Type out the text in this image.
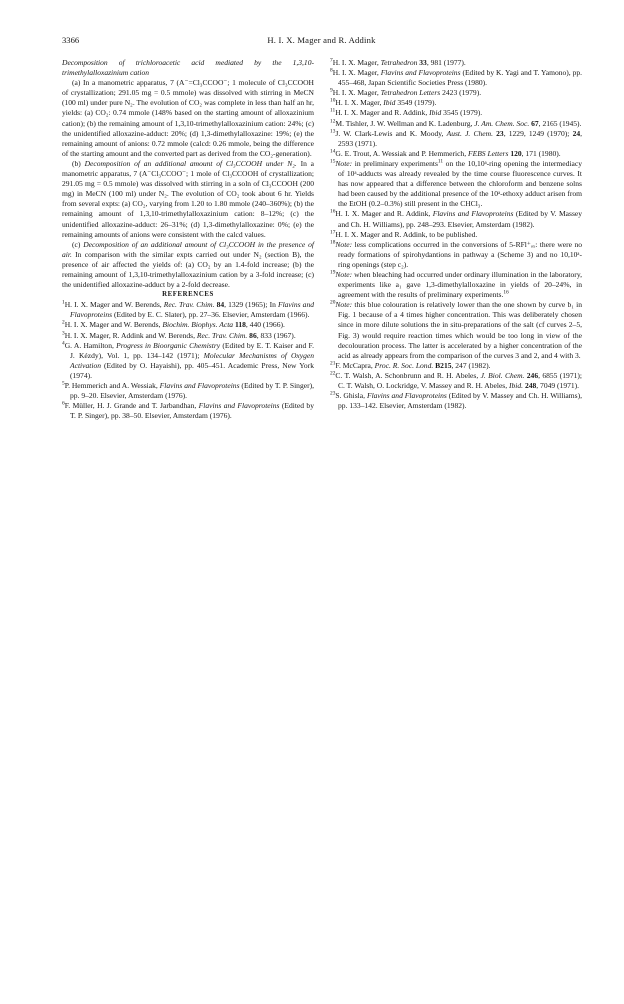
3366	H. I. X. Mager and R. Addink

Decomposition of trichloroacetic acid mediated by the 1,3,10-trimethylalloxazinium cation

(a) In a manometric apparatus, 7 (A⁻=Cl₃CCOO⁻; 1 molecule of Cl₃CCOOH of crystallization; 291.05 mg = 0.5 mmole) was dissolved with stirring in MeCN (100 ml) under pure N₂. The evolution of CO₂ was complete in less than half an hr, yields: (a) CO₂: 0.74 mmole (148% based on the starting amount of alloxazinium cation); (b) the remaining amount of 1,3,10-trimethylalloxazinium cation: 24%; (c) the unidentified alloxazine-adduct: 20%; (d) 1,3-dimethylalloxazine: 19%; (e) the remaining amount of anions: 0.72 mmole (calcd: 0.26 mmole, being the difference of the starting amount and the converted part as derived from the CO₂-generation).

(b) Decomposition of an additional amount of Cl₃CCOOH under N₂. In a manometric apparatus, 7 (A⁻Cl₃CCOO⁻; 1 mole of Cl₃CCOOH of crystallization; 291.05 mg = 0.5 mmole) was dissolved with stirring in a soln of Cl₃CCOOH (200 mg) in MeCN (100 ml) under N₂. The evolution of CO₂ took about 6 hr. Yields from several expts: (a) CO₂, varying from 1.20 to 1.80 mmole (240–360%); (b) the remaining amount of 1,3,10-trimethylalloxazinium cation: 8–12%; (c) the unidentified alloxazine-adduct: 26–31%; (d) 1,3-dimethylalloxazine: 0%; (e) the remaining amounts of anions were consistent with the calcd values.

(c) Decomposition of an additional amount of Cl₃CCOOH in the presence of air. In comparison with the similar expts carried out under N₂ (section B), the presence of air affected the yields of: (a) CO₂ by an 1.4-fold increase; (b) the remaining amount of 1,3,10-trimethylalloxazinium cation by a 3-fold increase; (c) the unidentified alloxazine-adduct by a 2-fold decrease.

REFERENCES

$^1$H. I. X. Mager and W. Berends, Rec. Trav. Chim. 84, 1329 (1965); In Flavins and Flavoproteins (Edited by E. C. Slater), pp. 27–36. Elsevier, Amsterdam (1966).

$^2$H. I. X. Mager and W. Berends, Biochim. Biophys. Acta 118, 440 (1966).

$^3$H. I. X. Mager, R. Addink and W. Berends, Rec. Trav. Chim. 86, 833 (1967).

$^4$G. A. Hamilton, Progress in Bioorganic Chemistry (Edited by E. T. Kaiser and F. J. Kézdy), Vol. 1, pp. 134–142 (1971); Molecular Mechanisms of Oxygen Activation (Edited by O. Hayaishi), pp. 405–451. Academic Press, New York (1974).

$^5$P. Hemmerich and A. Wessiak, Flavins and Flavoproteins (Edited by T. P. Singer), pp. 9–20. Elsevier, Amsterdam (1976).

$^6$F. Müller, H. J. Grande and T. Jarbandhan, Flavins and Flavoproteins (Edited by T. P. Singer), pp. 38–50. Elsevier, Amsterdam (1976).

$^7$H. I. X. Mager, Tetrahedron 33, 981 (1977).

$^8$H. I. X. Mager, Flavins and Flavoproteins (Edited by K. Yagi and T. Yamono), pp. 455–468, Japan Scientific Societies Press (1980).

$^9$H. I. X. Mager, Tetrahedron Letters 2423 (1979).

$^{10}$H. I. X. Mager, Ibid 3549 (1979).

$^{11}$H. I. X. Mager and R. Addink, Ibid 3545 (1979).

$^{12}$M. Tishler, J. W. Wellman and K. Ladenburg, J. Am. Chem. Soc. 67, 2165 (1945).

$^{13}$J. W. Clark-Lewis and K. Moody, Aust. J. Chem. 23, 1229, 1249 (1970); 24, 2593 (1971).

$^{14}$G. E. Trout, A. Wessiak and P. Hemmerich, FEBS Letters 120, 171 (1980).

$^{15}$Note: in preliminary experiments$^{11}$ on the 10,10ᵃ-ring opening the intermediacy of 10ᵃ-adducts was already revealed by the time course fluorescence curves. It has now appeared that a difference between the chloroform and benzene solns had been caused by the additional presence of the 10ᵃ-ethoxy adduct arisen from the EtOH (0.2–0.3%) still present in the CHCl₃.

$^{16}$H. I. X. Mager and R. Addink, Flavins and Flavoproteins (Edited by V. Massey and Ch. H. Williams), pp. 248–293. Elsevier, Amsterdam (1982).

$^{17}$H. I. X. Mager and R. Addink, to be published.

$^{18}$Note: less complications occurred in the conversions of 5-RFl⁺ₒₓ: there were no ready formations of spirohydantions in pathway a (Scheme 3) and no 10,10ᵃ-ring openings (step c₂).

$^{19}$Note: when bleaching had occurred under ordinary illumination in the laboratory, experiments like a₁ gave 1,3-dimethylalloxazine in yields of 20–24%, in agreement with the results of preliminary experiments.$^{16}$

$^{20}$Note: this blue colouration is relatively lower than the one shown by curve b₁ in Fig. 1 because of a 4 times higher concentration. This was deliberately chosen since in more dilute solutions the in situ-preparations of the salt (cf curves 2–5, Fig. 3) would require reaction times which would be too long in view of the decolouration process. The latter is accelerated by a higher concentration of the acid as already appears from the comparison of the curves 3 and 2, and 4 with 3.

$^{21}$F. McCapra, Proc. R. Soc. Lond. B215, 247 (1982).

$^{22}$C. T. Walsh, A. Schonbrunn and R. H. Abeles, J. Biol. Chem. 246, 6855 (1971); C. T. Walsh, O. Lockridge, V. Massey and R. H. Abeles, Ibid. 248, 7049 (1971).

$^{23}$S. Ghisla, Flavins and Flavoproteins (Edited by V. Massey and Ch. H. Williams), pp. 133–142. Elsevier, Amsterdam (1982).
